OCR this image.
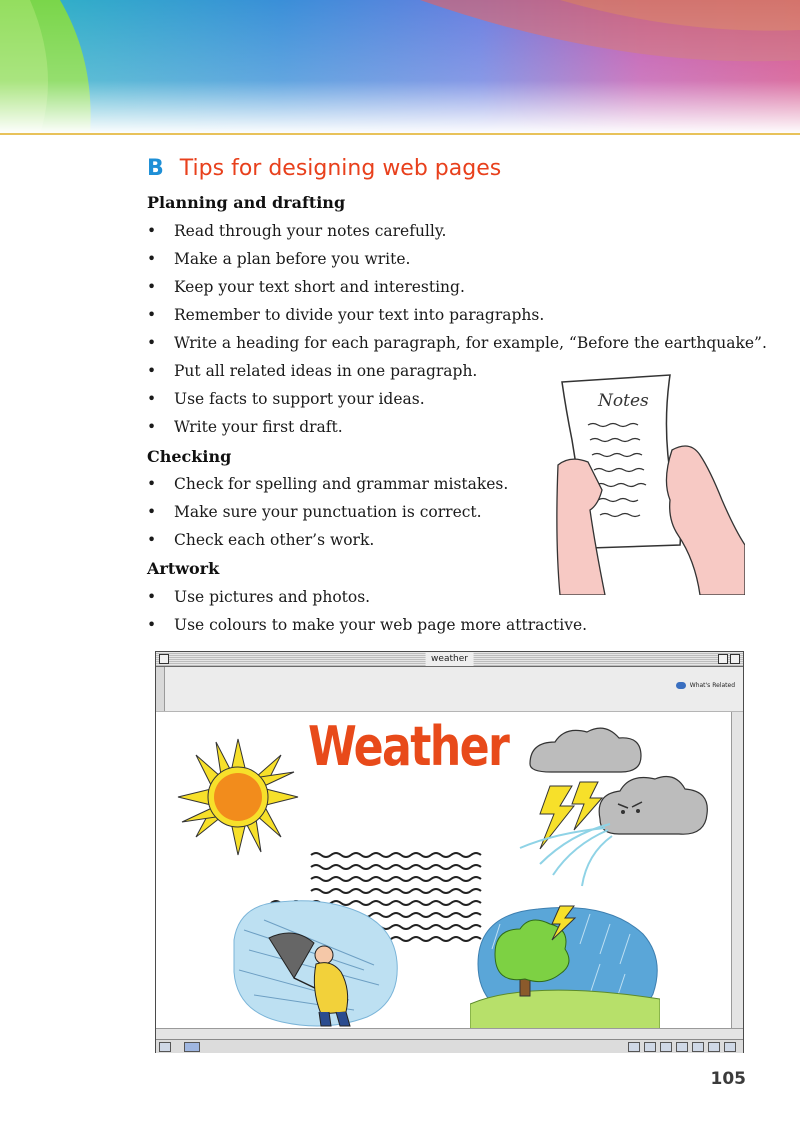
B Tips for designing web pages
Planning and drafting
• Read through your notes carefully.
• Make a plan before you write.
• Keep your text short and interesting.
• Remember to divide your text into paragraphs.
• Write a heading for each paragraph, for example, “Before the earthquake”.
• Put all related ideas in one paragraph.
• Use facts to support your ideas.
• Write your first draft.
Checking
• Check for spelling and grammar mistakes.
• Make sure your punctuation is correct.
• Check each other’s work.
Artwork
• Use pictures and photos.
• Use colours to make your web page more attractive.
Notes
weather
What's Related
Weather
105
